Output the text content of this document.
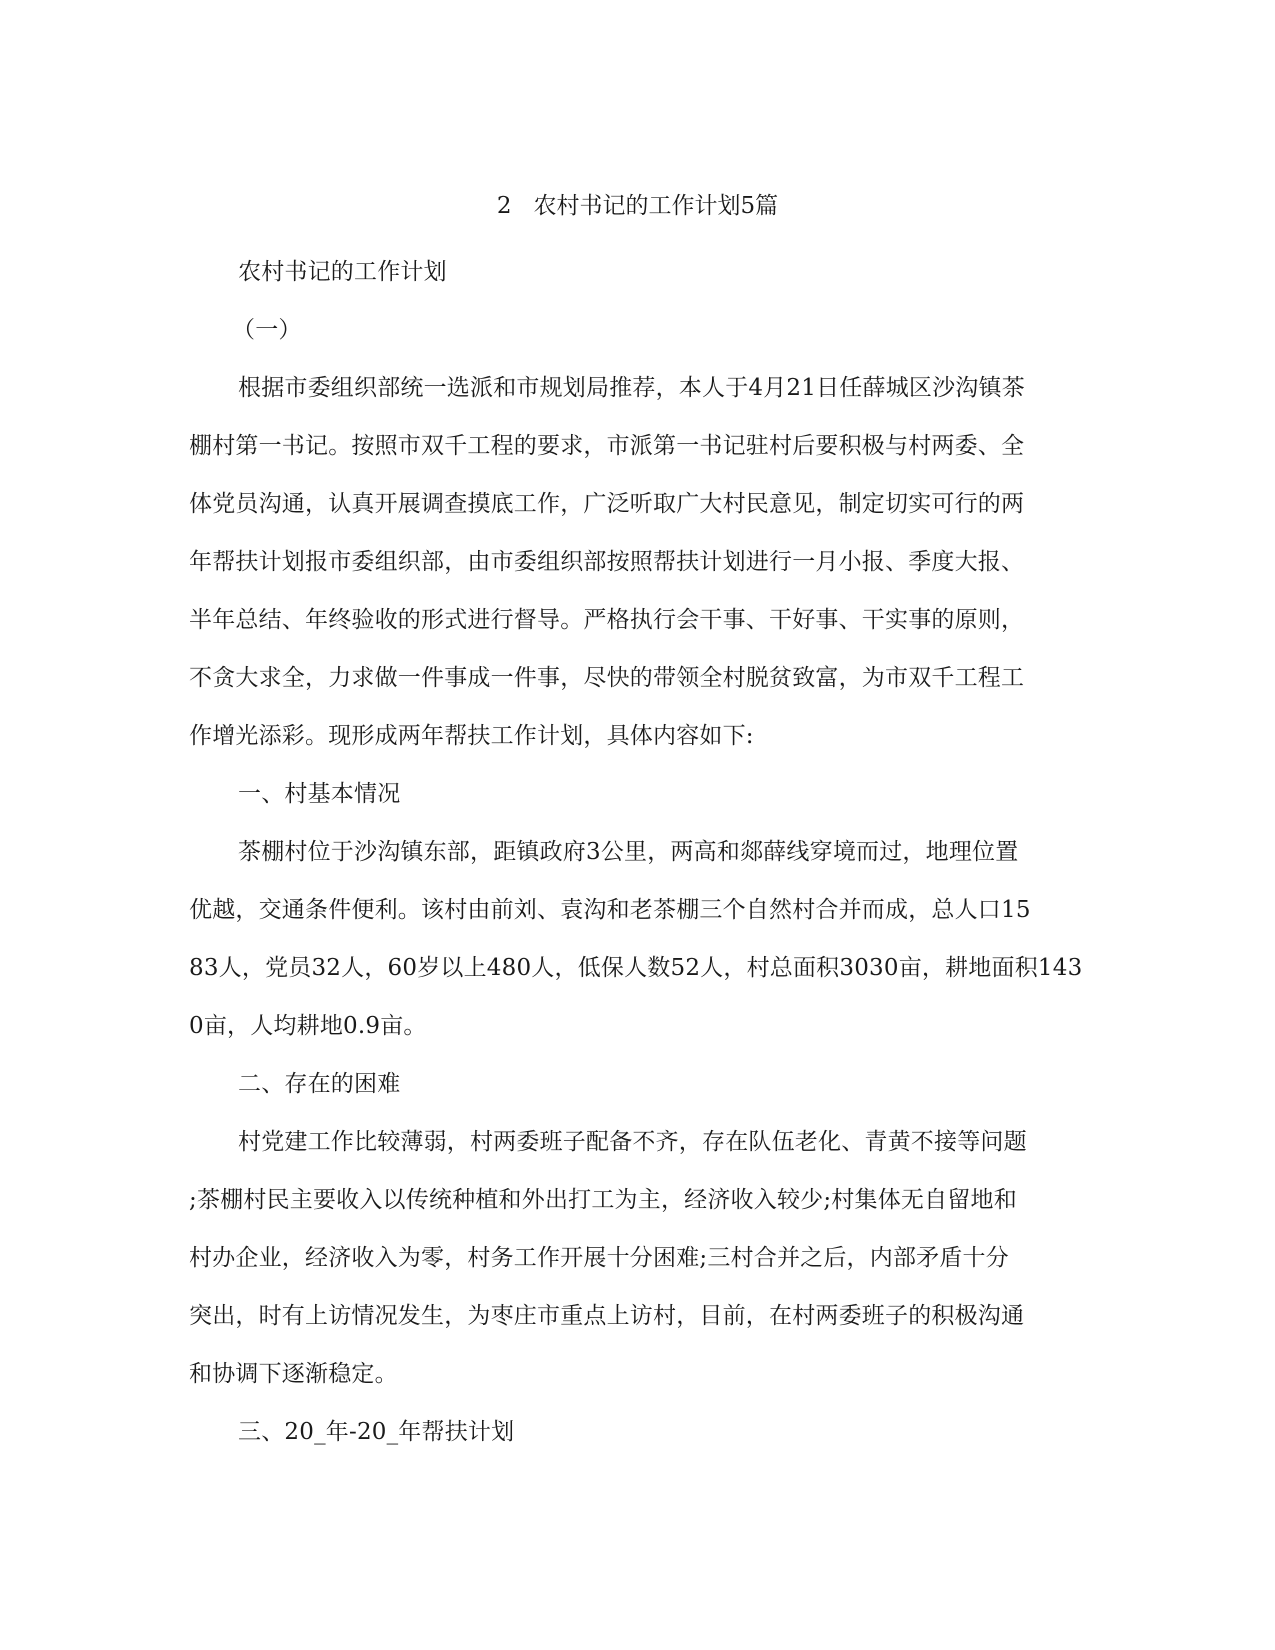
2   农村书记的工作计划5篇
农村书记的工作计划
（一）
根据市委组织部统一选派和市规划局推荐，本人于4月21日任薛城区沙沟镇茶
棚村第一书记。按照市双千工程的要求，市派第一书记驻村后要积极与村两委、全
体党员沟通，认真开展调查摸底工作，广泛听取广大村民意见，制定切实可行的两
年帮扶计划报市委组织部，由市委组织部按照帮扶计划进行一月小报、季度大报、
半年总结、年终验收的形式进行督导。严格执行会干事、干好事、干实事的原则，
不贪大求全，力求做一件事成一件事，尽快的带领全村脱贫致富，为市双千工程工
作增光添彩。现形成两年帮扶工作计划，具体内容如下:
一、村基本情况
茶棚村位于沙沟镇东部，距镇政府3公里，两高和郯薛线穿境而过，地理位置
优越，交通条件便利。该村由前刘、袁沟和老茶棚三个自然村合并而成，总人口15
83人，党员32人，60岁以上480人，低保人数52人，村总面积3030亩，耕地面积143
0亩，人均耕地0.9亩。
二、存在的困难
村党建工作比较薄弱，村两委班子配备不齐，存在队伍老化、青黄不接等问题
;茶棚村民主要收入以传统种植和外出打工为主，经济收入较少;村集体无自留地和
村办企业，经济收入为零，村务工作开展十分困难;三村合并之后，内部矛盾十分
突出，时有上访情况发生，为枣庄市重点上访村，目前，在村两委班子的积极沟通
和协调下逐渐稳定。
三、20_年-20_年帮扶计划
